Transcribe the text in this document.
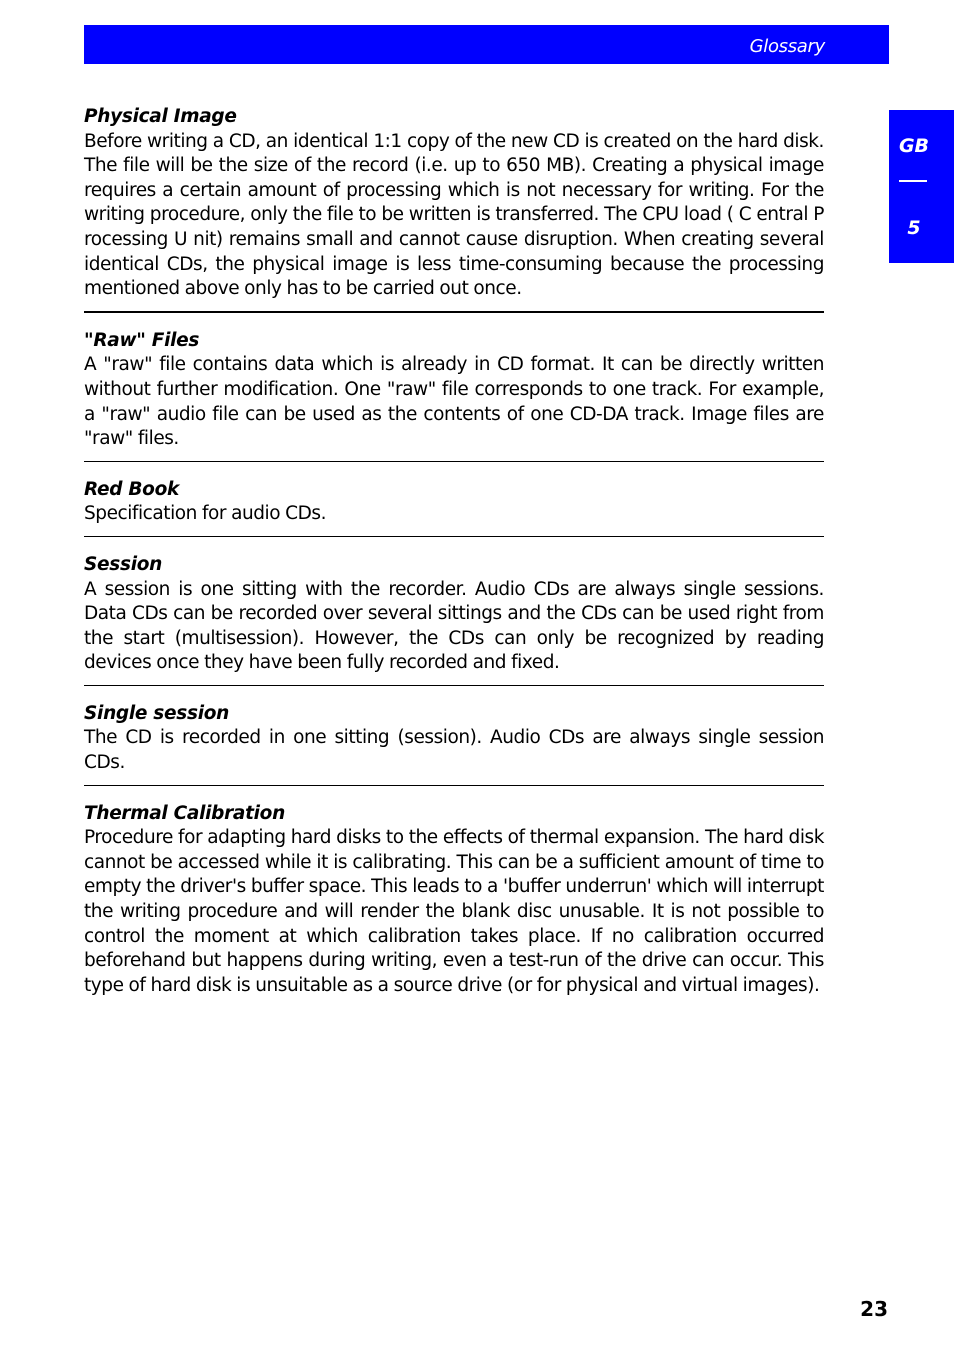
Glossary
GB
5
Physical Image
Before writing a CD, an identical 1:1 copy of the new CD is created on the hard disk. The file will be the size of the record (i.e. up to 650 MB). Creating a physical image requires a certain amount of processing which is not necessary for writing. For the writing procedure, only the file to be written is transferred. The CPU load ( C entral P rocessing U nit) remains small and cannot cause disruption. When creating several identical CDs, the physical image is less time-consuming because the processing mentioned above only has to be carried out once.
"Raw" Files
A "raw" file contains data which is already in CD format. It can be directly written without further modification. One "raw" file corresponds to one track. For example, a "raw" audio file can be used as the contents of one CD-DA track. Image files are "raw" files.
Red Book
Specification for audio CDs.
Session
A session is one sitting with the recorder. Audio CDs are always single sessions. Data CDs can be recorded over several sittings and the CDs can be used right from the start (multisession). However, the CDs can only be recognized by reading devices once they have been fully recorded and fixed.
Single session
The CD is recorded in one sitting (session). Audio CDs are always single session CDs.
Thermal Calibration
Procedure for adapting hard disks to the effects of thermal expansion. The hard disk cannot be accessed while it is calibrating. This can be a sufficient amount of time to empty the driver's buffer space. This leads to a 'buffer underrun' which will interrupt the writing procedure and will render the blank disc unusable. It is not possible to control the moment at which calibration takes place. If no calibration occurred beforehand but happens during writing, even a test-run of the drive can occur. This type of hard disk is unsuitable as a source drive (or for physical and virtual images).
23
